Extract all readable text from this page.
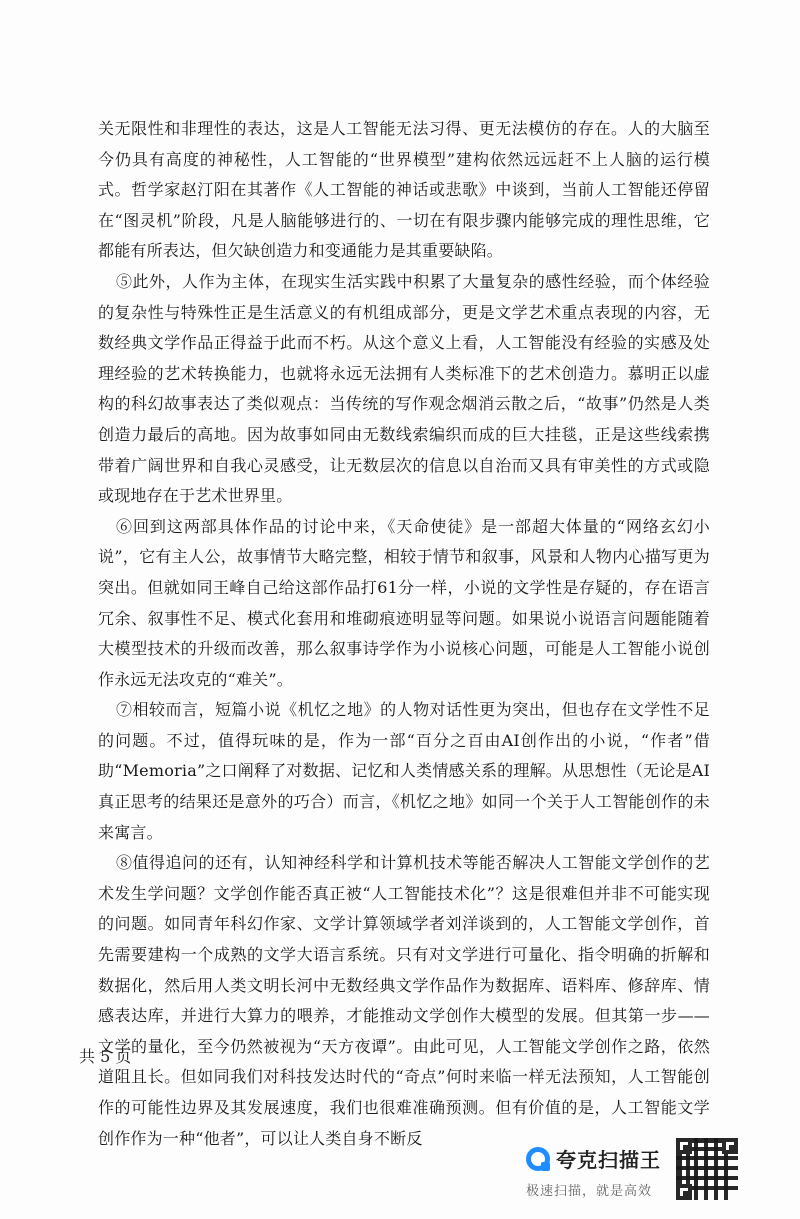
关无限性和非理性的表达，这是人工智能无法习得、更无法模仿的存在。人的大脑至今仍具有高度的神秘性，人工智能的“世界模型”建构依然远远赶不上人脑的运行模式。哲学家赵汀阳在其著作《人工智能的神话或悲歌》中谈到，当前人工智能还停留在“图灵机”阶段，凡是人脑能够进行的、一切在有限步骤内能够完成的理性思维，它都能有所表达，但欠缺创造力和变通能力是其重要缺陷。

⑤此外，人作为主体，在现实生活实践中积累了大量复杂的感性经验，而个体经验的复杂性与特殊性正是生活意义的有机组成部分，更是文学艺术重点表现的内容，无数经典文学作品正得益于此而不朽。从这个意义上看，人工智能没有经验的实感及处理经验的艺术转换能力，也就将永远无法拥有人类标准下的艺术创造力。慕明正以虚构的科幻故事表达了类似观点：当传统的写作观念烟消云散之后，“故事”仍然是人类创造力最后的高地。因为故事如同由无数线索编织而成的巨大挂毯，正是这些线索携带着广阔世界和自我心灵感受，让无数层次的信息以自治而又具有审美性的方式或隐或现地存在于艺术世界里。

⑥回到这两部具体作品的讨论中来，《天命使徒》是一部超大体量的“网络玄幻小说”，它有主人公，故事情节大略完整，相较于情节和叙事，风景和人物内心描写更为突出。但就如同王峰自己给这部作品打61分一样，小说的文学性是存疑的，存在语言冗余、叙事性不足、模式化套用和堆砌痕迹明显等问题。如果说小说语言问题能随着大模型技术的升级而改善，那么叙事诗学作为小说核心问题，可能是人工智能小说创作永远无法攻克的“难关”。

⑦相较而言，短篇小说《机忆之地》的人物对话性更为突出，但也存在文学性不足的问题。不过，值得玩味的是，作为一部“百分之百由AI创作出的小说，“作者”借助“Memoria”之口阐释了对数据、记忆和人类情感关系的理解。从思想性（无论是AI真正思考的结果还是意外的巧合）而言，《机忆之地》如同一个关于人工智能创作的未来寓言。

⑧值得追问的还有，认知神经科学和计算机技术等能否解决人工智能文学创作的艺术发生学问题？文学创作能否真正被“人工智能技术化”？这是很难但并非不可能实现的问题。如同青年科幻作家、文学计算领域学者刘洋谈到的，人工智能文学创作，首先需要建构一个成熟的文学大语言系统。只有对文学进行可量化、指令明确的折解和数据化，然后用人类文明长河中无数经典文学作品作为数据库、语料库、修辞库、情感表达库，并进行大算力的喂养，才能推动文学创作大模型的发展。但其第一步——文学的量化，至今仍然被视为“天方夜谭”。由此可见，人工智能文学创作之路，依然道阻且长。但如同我们对科技发达时代的“奇点”何时来临一样无法预知，人工智能创作的可能性边界及其发展速度，我们也很难准确预测。但有价值的是，人工智能文学创作作为一种“他者”，可以让人类自身不断反

共 5 页
夸克扫描王
极速扫描，就是高效
